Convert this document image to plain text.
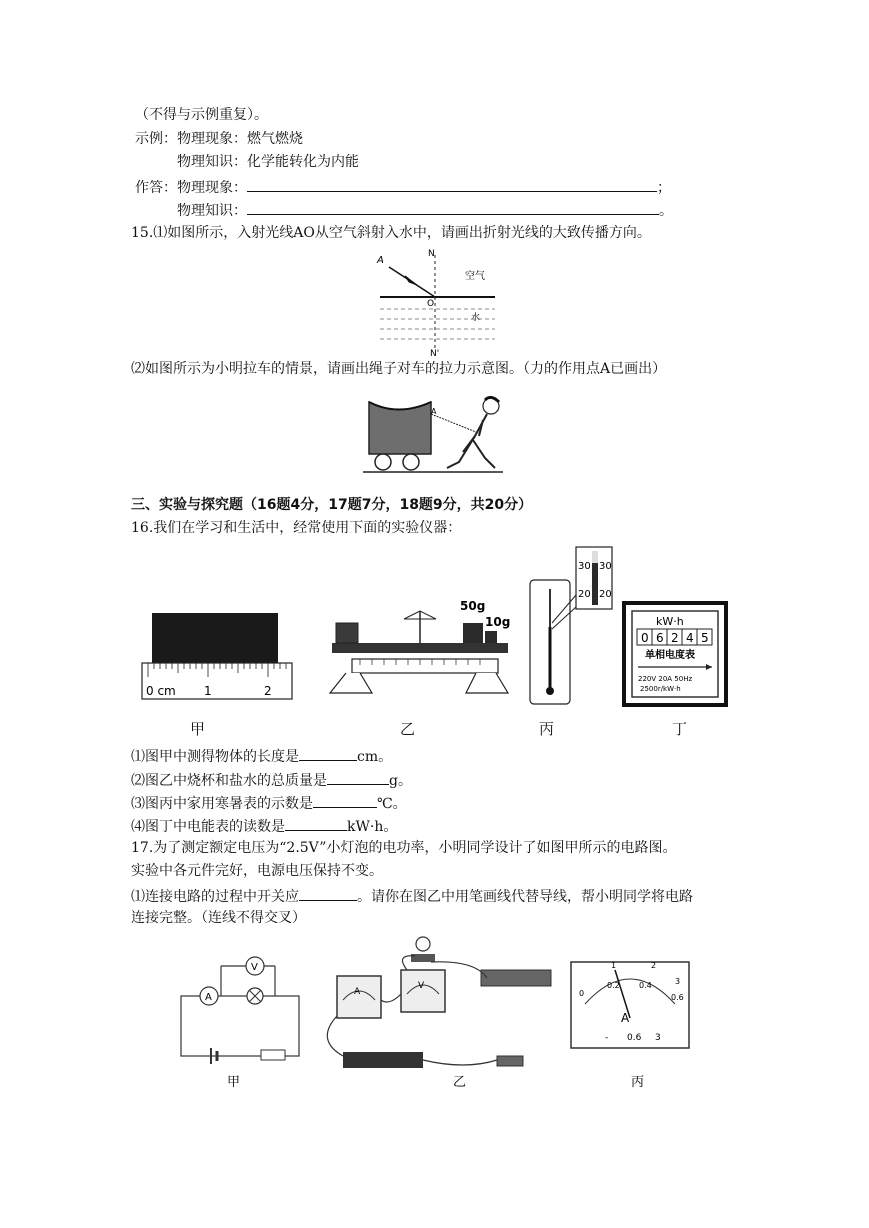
（不得与示例重复）。
示例：物理现象：燃气燃烧
物理知识：化学能转化为内能
作答：物理现象：	；
物理知识：	。
15.⑴如图所示，入射光线AO从空气斜射入水中，请画出折射光线的大致传播方向。
A
N
O
N'
空气
水
⑵如图所示为小明拉车的情景，请画出绳子对车的拉力示意图。（力的作用点A已画出）
A
三、实验与探究题（16题4分，17题7分，18题9分，共20分）
16.我们在学习和生活中，经常使用下面的实验仪器：
0 cm 1	2
50g
10g
30 30
20 20
kW·h
0 6 2 4 5
单相电度表
220V 20A 50Hz
2500r/kW·h
甲	乙	丙	丁
⑴图甲中测得物体的长度是	cm。
⑵图乙中烧杯和盐水的总质量是	g。
⑶图丙中家用寒暑表的示数是	℃。
⑷图丁中电能表的读数是	kW·h。
17.为了测定额定电压为“2.5V”小灯泡的电功率，小明同学设计了如图甲所示的电路图。
实验中各元件完好，电源电压保持不变。
⑴连接电路的过程中开关应	。请你在图乙中用笔画线代替导线，帮小明同学将电路
连接完整。（连线不得交叉）
A
V
甲
A
V
乙
1	2
0
0.2 0.4
0.6
3
A
- 0.6 3
丙
